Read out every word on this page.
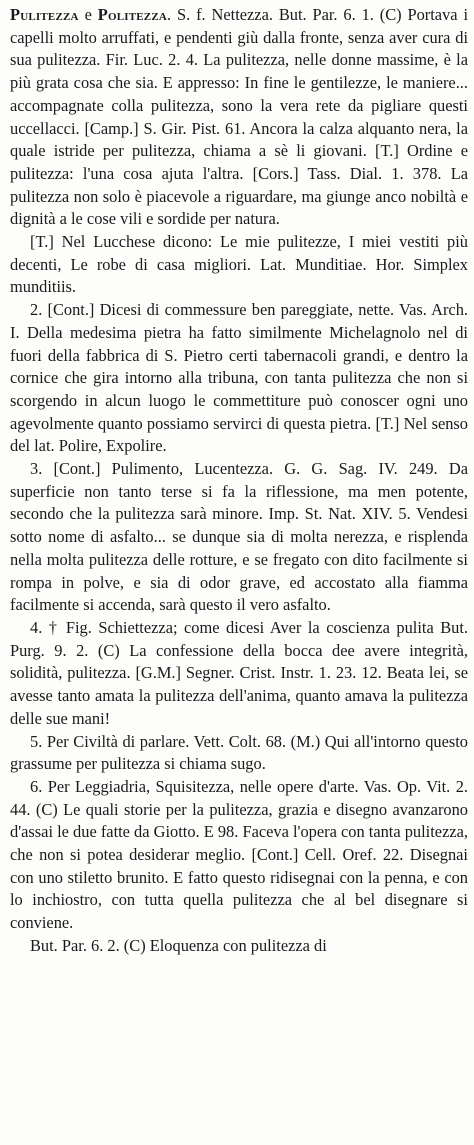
Pulitezza e Politezza. S. f. Nettezza. But. Par. 6. 1. (C) Portava i capelli molto arruffati, e pendenti giù dalla fronte, senza aver cura di sua pulitezza. Fir. Luc. 2. 4. La pulitezza, nelle donne massime, è la più grata cosa che sia. E appresso: In fine le gentilezze, le maniere... accompagnate colla pulitezza, sono la vera rete da pigliare questi uccellacci. [Camp.] S. Gir. Pist. 61. Ancora la calza alquanto nera, la quale istride per pulitezza, chiama a sè li giovani. [T.] Ordine e pulitezza: l'una cosa ajuta l'altra. [Cors.] Tass. Dial. 1. 378. La pulitezza non solo è piacevole a riguardare, ma giunge anco nobiltà e dignità a le cose vili e sordide per natura.

[T.] Nel Lucchese dicono: Le mie pulitezze, I miei vestiti più decenti, Le robe di casa migliori. Lat. Munditiae. Hor. Simplex munditiis.

2. [Cont.] Dicesi di commessure ben pareggiate, nette. Vas. Arch. I. Della medesima pietra ha fatto similmente Michelagnolo nel di fuori della fabbrica di S. Pietro certi tabernacoli grandi, e dentro la cornice che gira intorno alla tribuna, con tanta pulitezza che non si scorgendo in alcun luogo le commettiture può conoscer ogni uno agevolmente quanto possiamo servirci di questa pietra. [T.] Nel senso del lat. Polire, Expolire.

3. [Cont.] Pulimento, Lucentezza. G. G. Sag. IV. 249. Da superficie non tanto terse si fa la riflessione, ma men potente, secondo che la pulitezza sarà minore. Imp. St. Nat. XIV. 5. Vendesi sotto nome di asfalto... se dunque sia di molta nerezza, e risplenda nella molta pulitezza delle rotture, e se fregato con dito facilmente si rompa in polve, e sia di odor grave, ed accostato alla fiamma facilmente si accenda, sarà questo il vero asfalto.

4. † Fig. Schiettezza; come dicesi Aver la coscienza pulita But. Purg. 9. 2. (C) La confessione della bocca dee avere integrità, solidità, pulitezza. [G.M.] Segner. Crist. Instr. 1. 23. 12. Beata lei, se avesse tanto amata la pulitezza dell'anima, quanto amava la pulitezza delle sue mani!

5. Per Civiltà di parlare. Vett. Colt. 68. (M.) Qui all'intorno questo grassume per pulitezza si chiama sugo.

6. Per Leggiadria, Squisitezza, nelle opere d'arte. Vas. Op. Vit. 2. 44. (C) Le quali storie per la pulitezza, grazia e disegno avanzarono d'assai le due fatte da Giotto. E 98. Faceva l'opera con tanta pulitezza, che non si potea desiderar meglio. [Cont.] Cell. Oref. 22. Disegnai con uno stiletto brunito. E fatto questo ridisegnai con la penna, e con lo inchiostro, con tutta quella pulitezza che al bel disegnare si conviene.

But. Par. 6. 2. (C) Eloquenza con pulitezza di
